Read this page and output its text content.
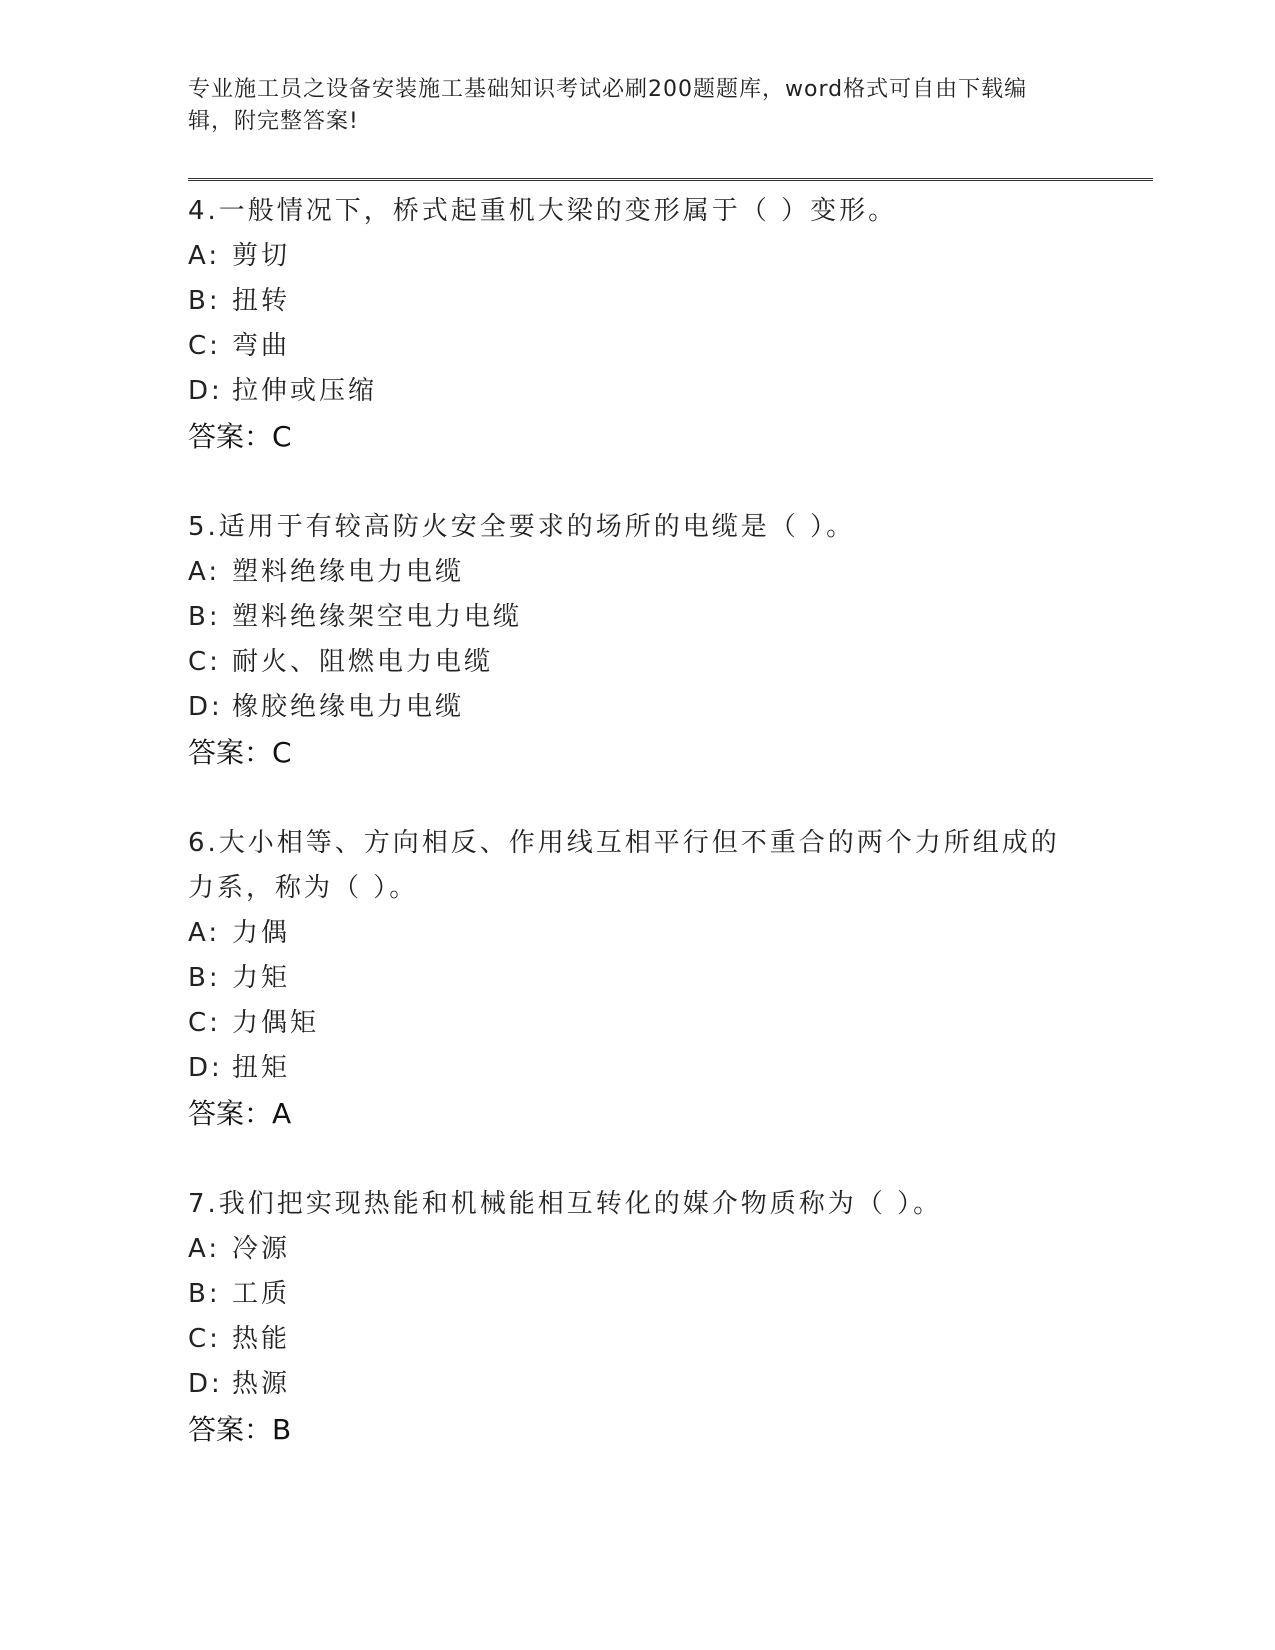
专业施工员之设备安装施工基础知识考试必刷200题题库，word格式可自由下载编辑，附完整答案!

4.一般情况下，桥式起重机大梁的变形属于（ ）变形。

A: 剪切

B: 扭转

C: 弯曲

D: 拉伸或压缩

答案：C

5.适用于有较高防火安全要求的场所的电缆是（ ）。

A: 塑料绝缘电力电缆

B: 塑料绝缘架空电力电缆

C: 耐火、阻燃电力电缆

D: 橡胶绝缘电力电缆

答案：C

6.大小相等、方向相反、作用线互相平行但不重合的两个力所组成的力系，称为（ ）。

A: 力偶

B: 力矩

C: 力偶矩

D: 扭矩

答案：A

7.我们把实现热能和机械能相互转化的媒介物质称为（ ）。

A: 冷源

B: 工质

C: 热能

D: 热源

答案：B
